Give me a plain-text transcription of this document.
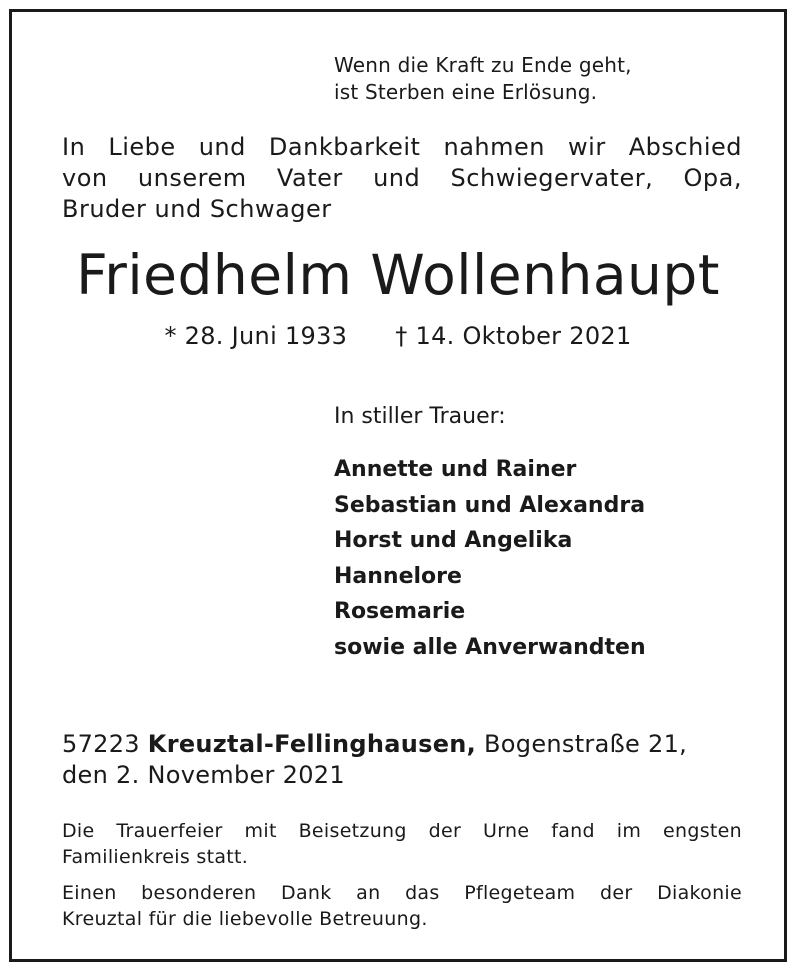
Wenn die Kraft zu Ende geht,
ist Sterben eine Erlösung.
In Liebe und Dankbarkeit nahmen wir Abschied
von unserem Vater und Schwiegervater, Opa,
Bruder und Schwager
Friedhelm Wollenhaupt
* 28. Juni 1933 † 14. Oktober 2021
In stiller Trauer:
Annette und Rainer
Sebastian und Alexandra
Horst und Angelika
Hannelore
Rosemarie
sowie alle Anverwandten
57223 Kreuztal-Fellinghausen, Bogenstraße 21,
den 2. November 2021

Die Trauerfeier mit Beisetzung der Urne fand im engsten
Familienkreis statt.

Einen besonderen Dank an das Pflegeteam der Diakonie
Kreuztal für die liebevolle Betreuung.
